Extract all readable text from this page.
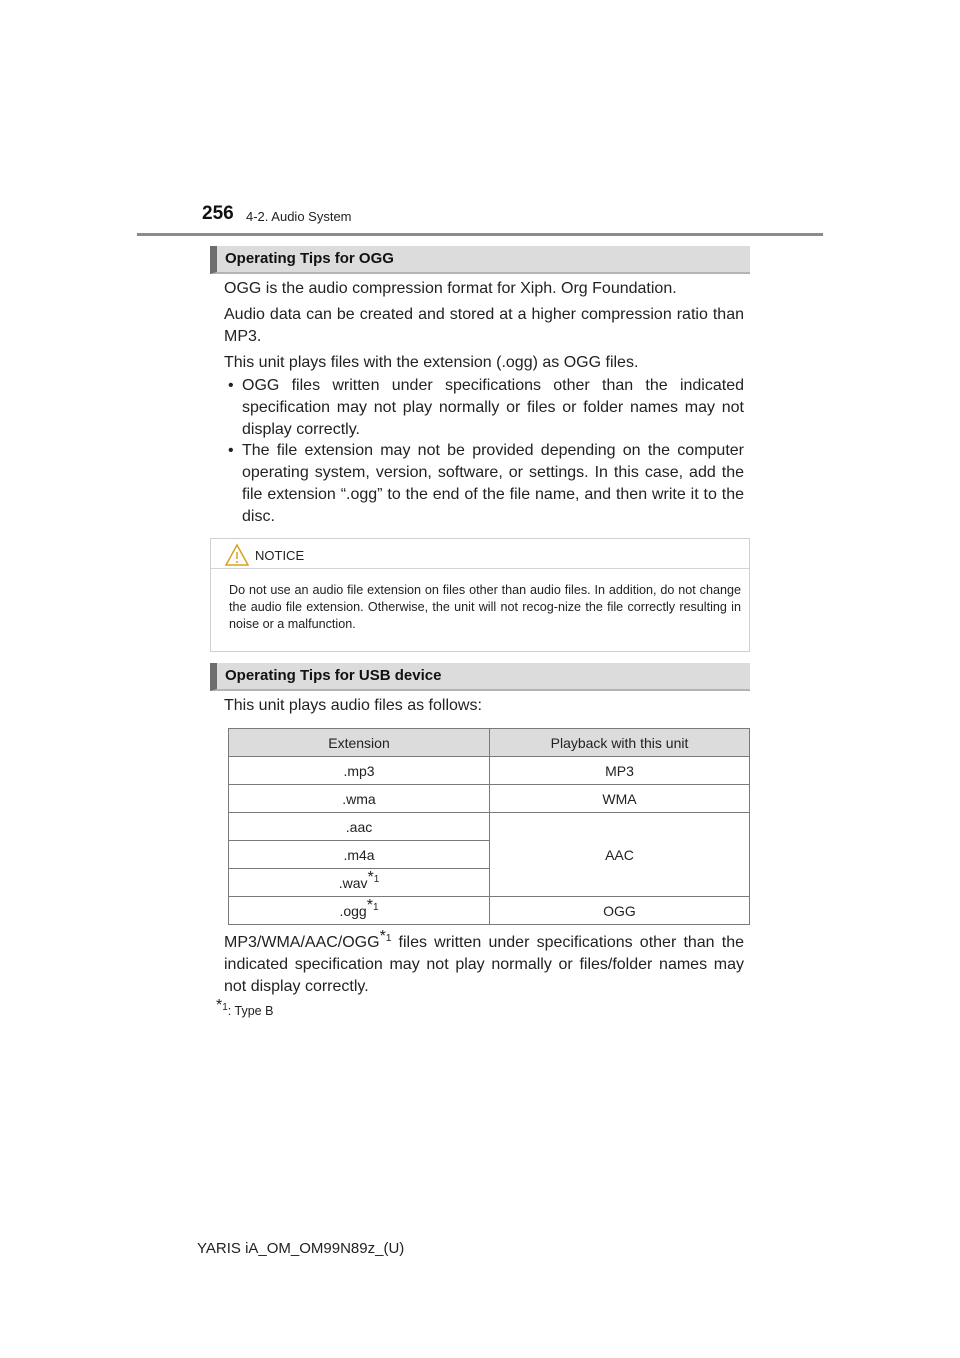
256 4-2. Audio System
Operating Tips for OGG
OGG is the audio compression format for Xiph. Org Foundation.
Audio data can be created and stored at a higher compression ratio than MP3.
This unit plays files with the extension (.ogg) as OGG files.
• OGG files written under specifications other than the indicated specification may not play normally or files or folder names may not display correctly.
• The file extension may not be provided depending on the computer operating system, version, software, or settings. In this case, add the file extension “.ogg” to the end of the file name, and then write it to the disc.
NOTICE
Do not use an audio file extension on files other than audio files. In addition, do not change the audio file extension. Otherwise, the unit will not recog-nize the file correctly resulting in noise or a malfunction.
Operating Tips for USB device
This unit plays audio files as follows:
Extension	Playback with this unit
.mp3	MP3
.wma	WMA
.aac	AAC
.m4a	
.wav$^{*1}$
.ogg$^{*1}$	OGG
MP3/WMA/AAC/OGG$^{*1}$ files written under specifications other than the indicated specification may not play normally or files/folder names may not display correctly.
$^{*1}$: Type B
YARIS iA_OM_OM99N89z_(U)
